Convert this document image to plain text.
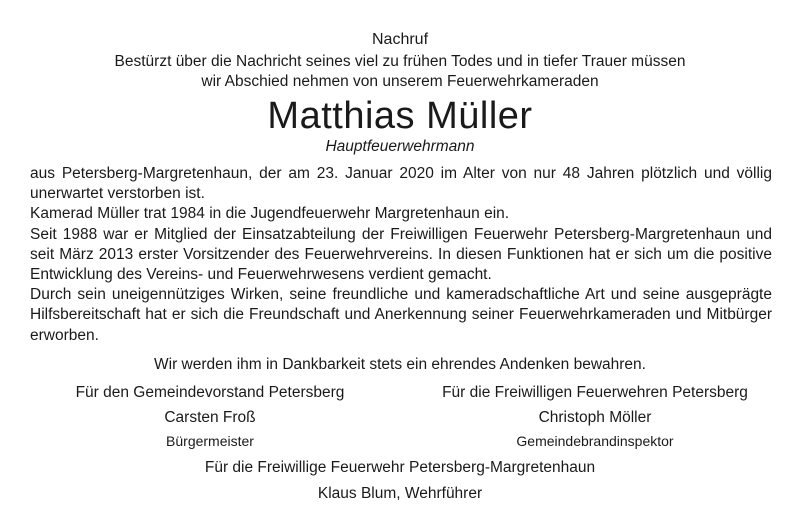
Nachruf
Bestürzt über die Nachricht seines viel zu frühen Todes und in tiefer Trauer müssen
wir Abschied nehmen von unserem Feuerwehrkameraden
Matthias Müller
Hauptfeuerwehrmann

aus Petersberg-Margretenhaun, der am 23. Januar 2020 im Alter von nur 48 Jahren plötzlich und völlig unerwartet verstorben ist.

Kamerad Müller trat 1984 in die Jugendfeuerwehr Margretenhaun ein.

Seit 1988 war er Mitglied der Einsatzabteilung der Freiwilligen Feuerwehr Petersberg-Margretenhaun und seit März 2013 erster Vorsitzender des Feuerwehrvereins. In diesen Funktionen hat er sich um die positive Entwicklung des Vereins- und Feuerwehrwesens verdient gemacht.

Durch sein uneigennütziges Wirken, seine freundliche und kameradschaftliche Art und seine ausgeprägte Hilfsbereitschaft hat er sich die Freundschaft und Anerkennung seiner Feuerwehrkameraden und Mitbürger erworben.

Wir werden ihm in Dankbarkeit stets ein ehrendes Andenken bewahren.
Für den Gemeindevorstand Petersberg
Carsten Froß
Bürgermeister
Für die Freiwilligen Feuerwehren Petersberg
Christoph Möller
Gemeindebrandinspektor
Für die Freiwillige Feuerwehr Petersberg-Margretenhaun
Klaus Blum, Wehrführer
